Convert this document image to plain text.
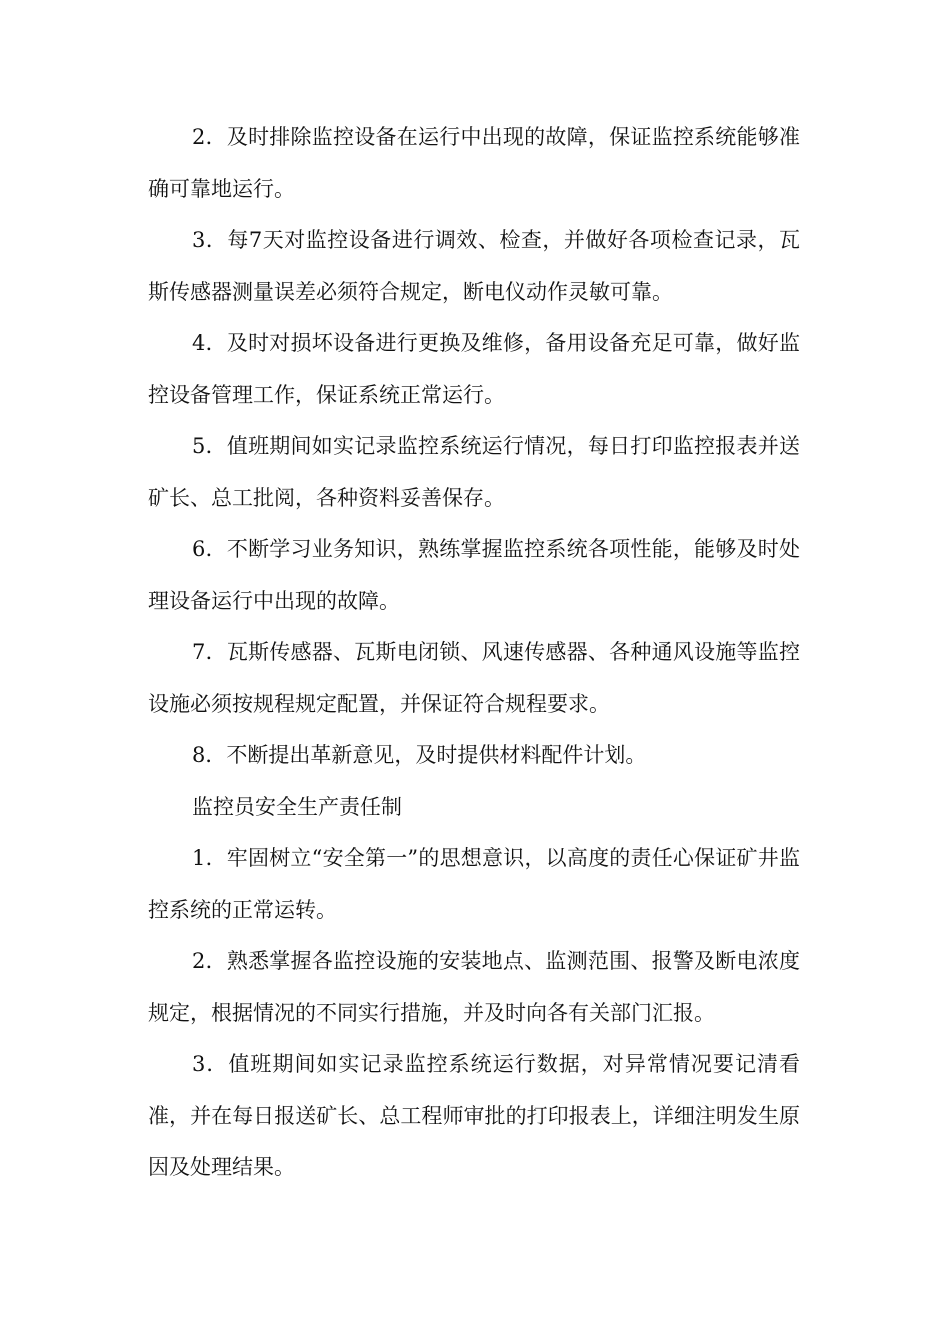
2．及时排除监控设备在运行中出现的故障，保证监控系统能够准确可靠地运行。

3．每7天对监控设备进行调效、检查，并做好各项检查记录，瓦斯传感器测量误差必须符合规定，断电仪动作灵敏可靠。

4．及时对损坏设备进行更换及维修，备用设备充足可靠，做好监控设备管理工作，保证系统正常运行。

5．值班期间如实记录监控系统运行情况，每日打印监控报表并送矿长、总工批阅，各种资料妥善保存。

6．不断学习业务知识，熟练掌握监控系统各项性能，能够及时处理设备运行中出现的故障。

7．瓦斯传感器、瓦斯电闭锁、风速传感器、各种通风设施等监控设施必须按规程规定配置，并保证符合规程要求。

8．不断提出革新意见，及时提供材料配件计划。

监控员安全生产责任制

1．牢固树立“安全第一”的思想意识，以高度的责任心保证矿井监控系统的正常运转。

2．熟悉掌握各监控设施的安装地点、监测范围、报警及断电浓度规定，根据情况的不同实行措施，并及时向各有关部门汇报。

3．值班期间如实记录监控系统运行数据，对异常情况要记清看准，并在每日报送矿长、总工程师审批的打印报表上，详细注明发生原因及处理结果。
